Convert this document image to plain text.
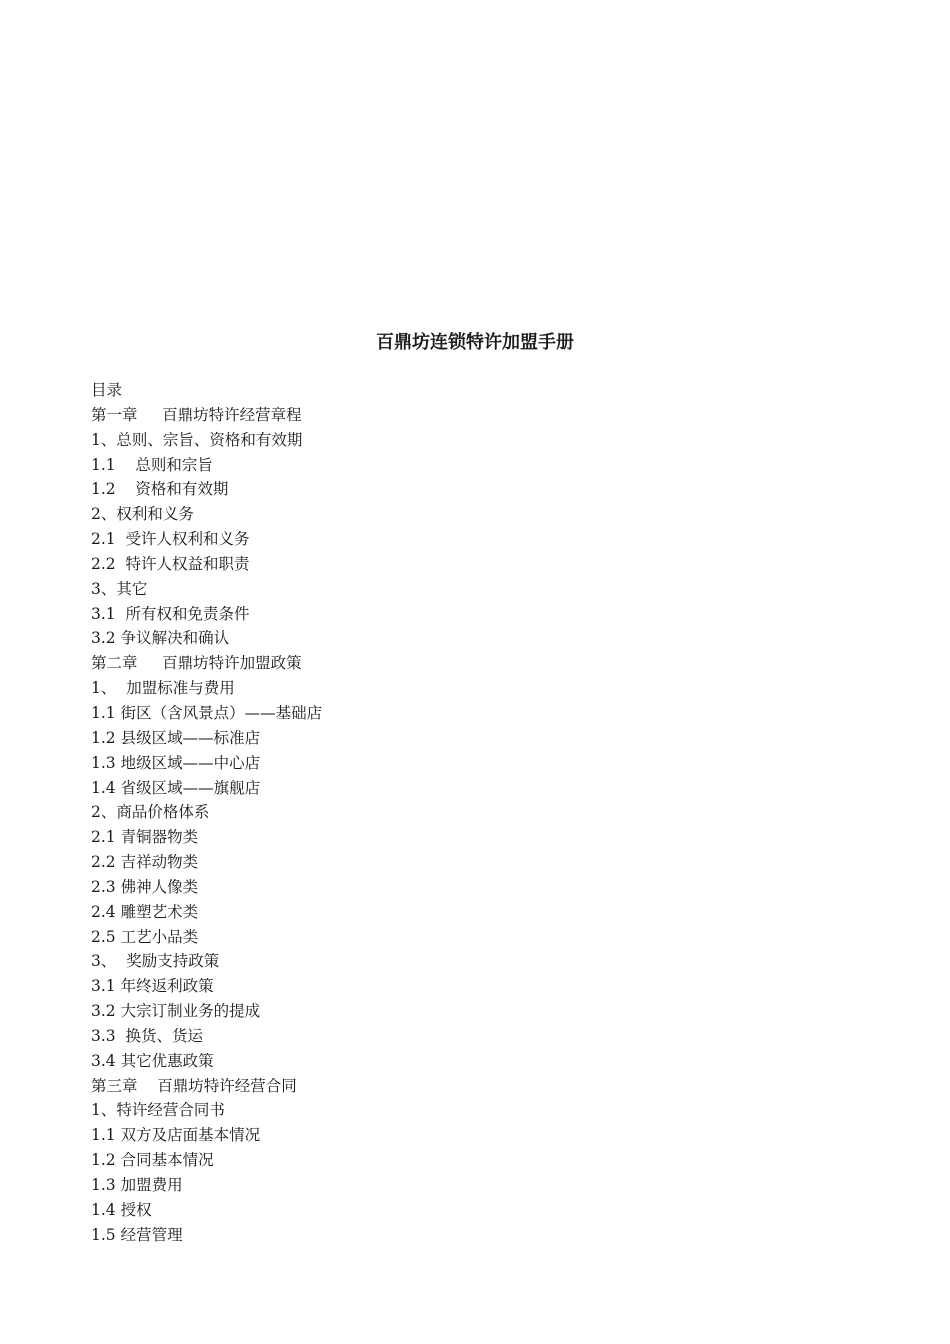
百鼎坊连锁特许加盟手册
目录
第一章     百鼎坊特许经营章程
1、总则、宗旨、资格和有效期
1.1    总则和宗旨
1.2    资格和有效期
2、权利和义务
2.1  受许人权利和义务
2.2  特许人权益和职责
3、其它
3.1  所有权和免责条件
3.2 争议解决和确认
第二章     百鼎坊特许加盟政策
1、  加盟标准与费用
1.1 街区（含风景点）——基础店
1.2 县级区域——标准店
1.3 地级区域——中心店
1.4 省级区域——旗舰店
2、商品价格体系
2.1 青铜器物类
2.2 吉祥动物类
2.3 佛神人像类
2.4 雕塑艺术类
2.5 工艺小品类
3、  奖励支持政策
3.1 年终返利政策
3.2 大宗订制业务的提成
3.3  换货、货运
3.4 其它优惠政策
第三章    百鼎坊特许经营合同
1、特许经营合同书
1.1 双方及店面基本情况
1.2 合同基本情况
1.3 加盟费用
1.4 授权
1.5 经营管理
